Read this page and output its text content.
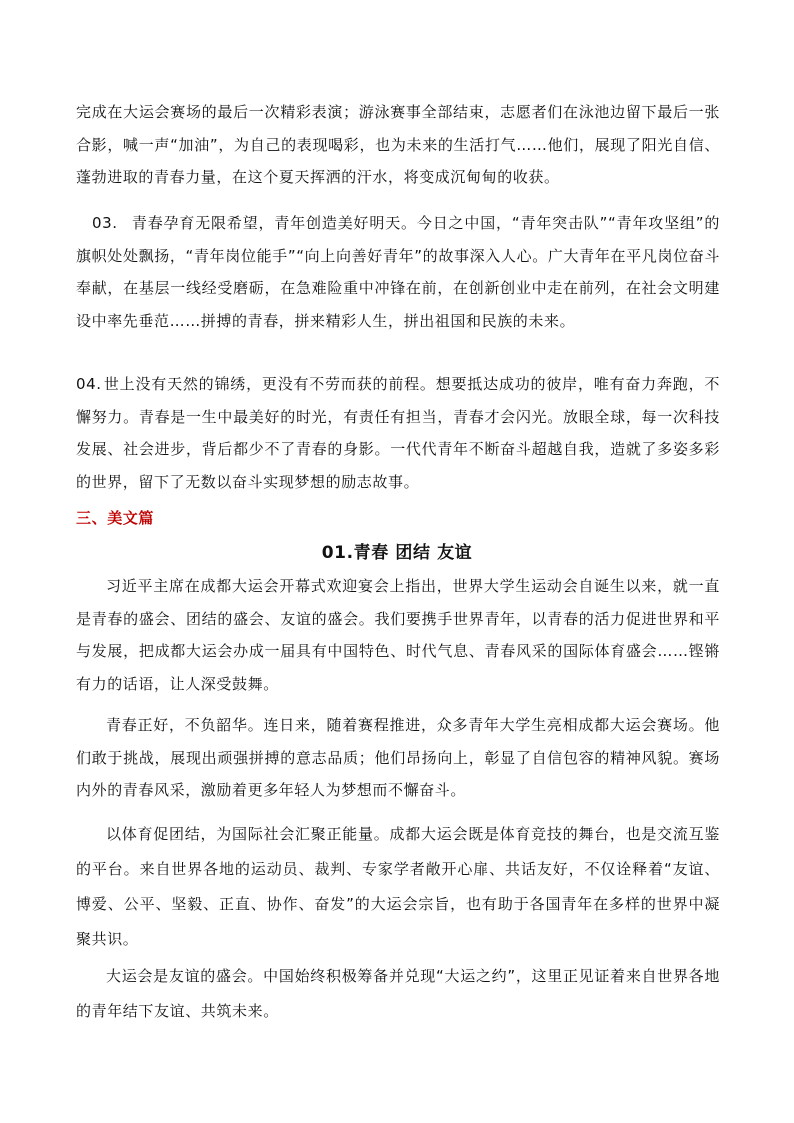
完成在大运会赛场的最后一次精彩表演；游泳赛事全部结束，志愿者们在泳池边留下最后一张合影，喊一声“加油”，为自己的表现喝彩，也为未来的生活打气……他们，展现了阳光自信、蓬勃进取的青春力量，在这个夏天挥洒的汗水，将变成沉甸甸的收获。

03. 青春孕育无限希望，青年创造美好明天。今日之中国，“青年突击队”“青年攻坚组”的旗帜处处飘扬，“青年岗位能手”“向上向善好青年”的故事深入人心。广大青年在平凡岗位奋斗奉献，在基层一线经受磨砺，在急难险重中冲锋在前，在创新创业中走在前列，在社会文明建设中率先垂范……拼搏的青春，拼来精彩人生，拼出祖国和民族的未来。

04. 世上没有天然的锦绣，更没有不劳而获的前程。想要抵达成功的彼岸，唯有奋力奔跑，不懈努力。青春是一生中最美好的时光，有责任有担当，青春才会闪光。放眼全球，每一次科技发展、社会进步，背后都少不了青春的身影。一代代青年不断奋斗超越自我，造就了多姿多彩的世界，留下了无数以奋斗实现梦想的励志故事。

三、美文篇
01.青春 团结 友谊

习近平主席在成都大运会开幕式欢迎宴会上指出，世界大学生运动会自诞生以来，就一直是青春的盛会、团结的盛会、友谊的盛会。我们要携手世界青年，以青春的活力促进世界和平与发展，把成都大运会办成一届具有中国特色、时代气息、青春风采的国际体育盛会……铿锵有力的话语，让人深受鼓舞。

青春正好，不负韶华。连日来，随着赛程推进，众多青年大学生亮相成都大运会赛场。他们敢于挑战，展现出顽强拼搏的意志品质；他们昂扬向上，彰显了自信包容的精神风貌。赛场内外的青春风采，激励着更多年轻人为梦想而不懈奋斗。

以体育促团结，为国际社会汇聚正能量。成都大运会既是体育竞技的舞台，也是交流互鉴的平台。来自世界各地的运动员、裁判、专家学者敞开心扉、共话友好，不仅诠释着“友谊、博爱、公平、坚毅、正直、协作、奋发”的大运会宗旨，也有助于各国青年在多样的世界中凝聚共识。

大运会是友谊的盛会。中国始终积极筹备并兑现“大运之约”，这里正见证着来自世界各地的青年结下友谊、共筑未来。
